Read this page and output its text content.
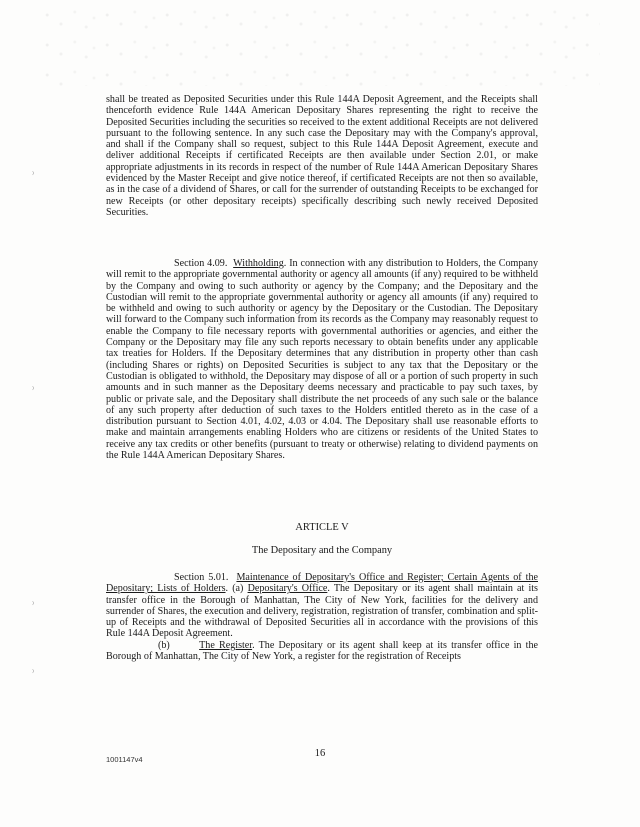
⁾
⁾
⁾
⁾
shall be treated as Deposited Securities under this Rule 144A Deposit Agreement, and the Receipts shall thenceforth evidence Rule 144A American Depositary Shares representing the right to receive the Deposited Securities including the securities so received to the extent additional Receipts are not delivered pursuant to the following sentence. In any such case the Depositary may with the Company's approval, and shall if the Company shall so request, subject to this Rule 144A Deposit Agreement, execute and deliver additional Receipts if certificated Receipts are then available under Section 2.01, or make appropriate adjustments in its records in respect of the number of Rule 144A American Depositary Shares evidenced by the Master Receipt and give notice thereof, if certificated Receipts are not then so available, as in the case of a dividend of Shares, or call for the surrender of outstanding Receipts to be exchanged for new Receipts (or other depositary receipts) specifically describing such newly received Deposited Securities.
Section 4.09. Withholding. In connection with any distribution to Holders, the Company will remit to the appropriate governmental authority or agency all amounts (if any) required to be withheld by the Company and owing to such authority or agency by the Company; and the Depositary and the Custodian will remit to the appropriate governmental authority or agency all amounts (if any) required to be withheld and owing to such authority or agency by the Depositary or the Custodian. The Depositary will forward to the Company such information from its records as the Company may reasonably request to enable the Company to file necessary reports with governmental authorities or agencies, and either the Company or the Depositary may file any such reports necessary to obtain benefits under any applicable tax treaties for Holders. If the Depositary determines that any distribution in property other than cash (including Shares or rights) on Deposited Securities is subject to any tax that the Depositary or the Custodian is obligated to withhold, the Depositary may dispose of all or a portion of such property in such amounts and in such manner as the Depositary deems necessary and practicable to pay such taxes, by public or private sale, and the Depositary shall distribute the net proceeds of any such sale or the balance of any such property after deduction of such taxes to the Holders entitled thereto as in the case of a distribution pursuant to Section 4.01, 4.02, 4.03 or 4.04. The Depositary shall use reasonable efforts to make and maintain arrangements enabling Holders who are citizens or residents of the United States to receive any tax credits or other benefits (pursuant to treaty or otherwise) relating to dividend payments on the Rule 144A American Depositary Shares.
ARTICLE V
The Depositary and the Company
Section 5.01. Maintenance of Depositary's Office and Register; Certain Agents of the Depositary; Lists of Holders. (a) Depositary's Office. The Depositary or its agent shall maintain at its transfer office in the Borough of Manhattan, The City of New York, facilities for the delivery and surrender of Shares, the execution and delivery, registration, registration of transfer, combination and split-up of Receipts and the withdrawal of Deposited Securities all in accordance with the provisions of this Rule 144A Deposit Agreement.
(b)	The Register. The Depositary or its agent shall keep at its transfer office in the Borough of Manhattan, The City of New York, a register for the registration of Receipts
16
1001147v4
